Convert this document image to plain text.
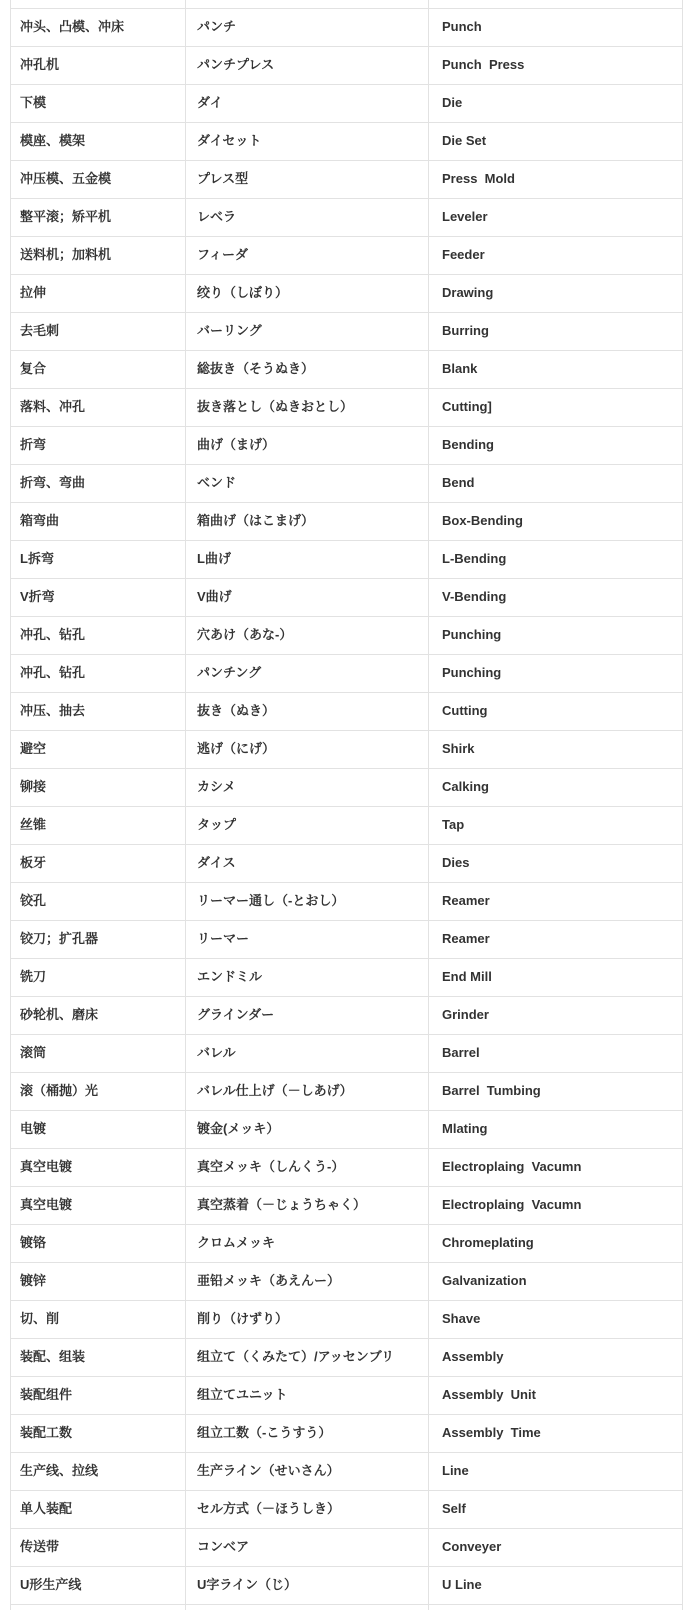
冲头、凸模、冲床	パンチ	Punch
冲孔机	パンチプレス	Punch  Press
下模	ダイ	Die
模座、模架	ダイセット	Die Set
冲压模、五金模	プレス型	Press  Mold
整平滚；矫平机	レベラ	Leveler
送料机；加料机	フィーダ	Feeder
拉伸	绞り（しぼり）	Drawing
去毛刺	バーリング	Burring
复合	総抜き（そうぬき）	Blank
落料、冲孔	抜き落とし（ぬきおとし）	Cutting]
折弯	曲げ（まげ）	Bending
折弯、弯曲	ベンド	Bend
箱弯曲	箱曲げ（はこまげ）	Box-Bending
L拆弯	L曲げ	L-Bending
V折弯	V曲げ	V-Bending
冲孔、钻孔	穴あけ（あな-）	Punching
冲孔、钻孔	パンチング	Punching
冲压、抽去	抜き（ぬき）	Cutting
避空	逃げ（にげ）	Shirk
铆接	カシメ	Calking
丝锥	タップ	Tap
板牙	ダイス	Dies
铰孔	リーマー通し（-とおし）	Reamer
铰刀；扩孔器	リーマー	Reamer
铣刀	エンドミル	End Mill
砂轮机、磨床	グラインダー	Grinder
滚筒	バレル	Barrel
滚（桶抛）光	バレル仕上げ（－しあげ）	Barrel  Tumbing
电镀	镀金(メッキ）	Mlating
真空电镀	真空メッキ（しんくう-）	Electroplaing  Vacumn
真空电镀	真空蒸着（－じょうちゃく）	Electroplaing  Vacumn
镀铬	クロムメッキ	Chromeplating
镀锌	亜铅メッキ（あえんー）	Galvanization
切、削	削り（けずり）	Shave
装配、组装	组立て（くみたて）/アッセンブリ	Assembly
装配组件	组立てユニット	Assembly  Unit
装配工数	组立工数（-こうすう）	Assembly  Time
生产线、拉线	生产ライン（せいさん）	Line
单人装配	セル方式（－ほうしき）	Self
传送带	コンベア	Conveyer
U形生产线	U字ライン（じ）	U Line
